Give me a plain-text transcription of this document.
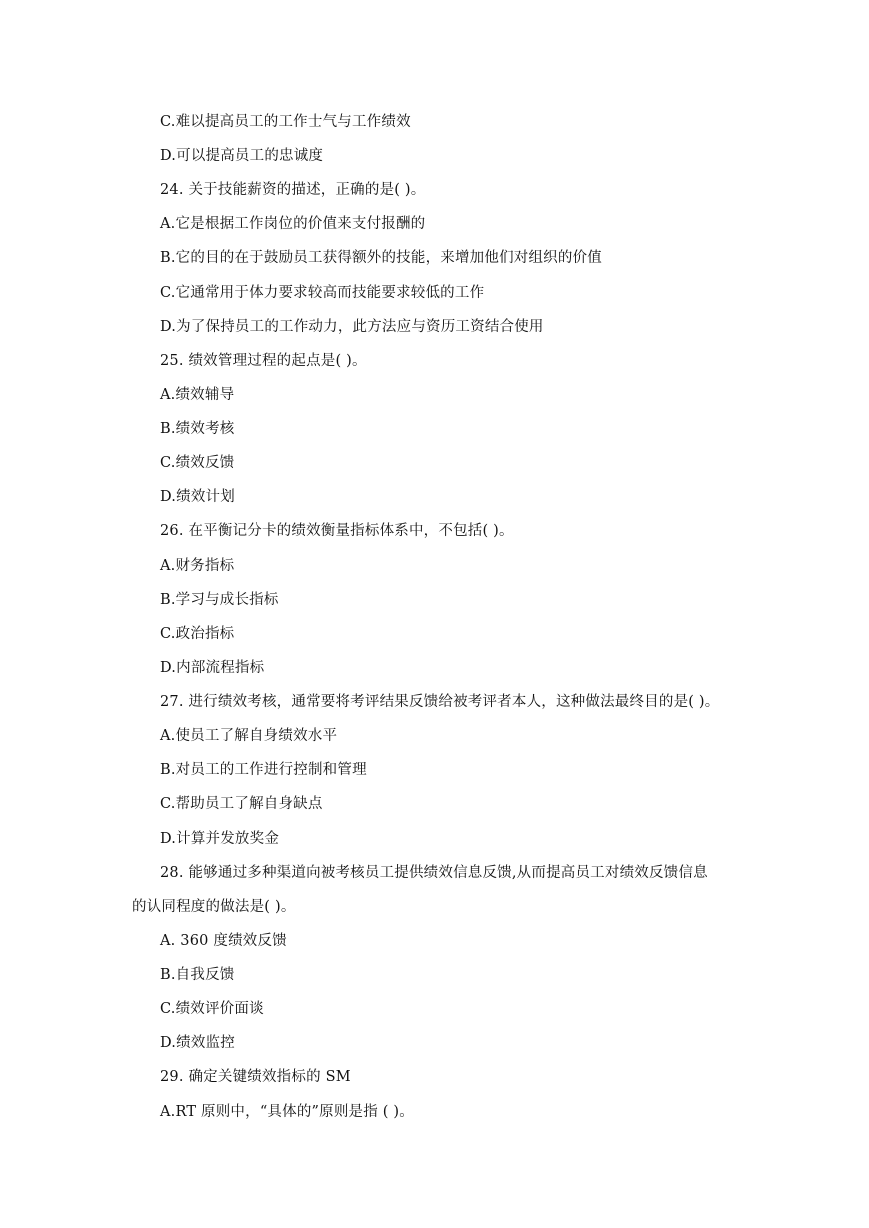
C.难以提高员工的工作士气与工作绩效
D.可以提高员工的忠诚度
24. 关于技能薪资的描述，正确的是( )。
A.它是根据工作岗位的价值来支付报酬的
B.它的目的在于鼓励员工获得额外的技能，来增加他们对组织的价值
C.它通常用于体力要求较高而技能要求较低的工作
D.为了保持员工的工作动力，此方法应与资历工资结合使用
25. 绩效管理过程的起点是( )。
A.绩效辅导
B.绩效考核
C.绩效反馈
D.绩效计划
26. 在平衡记分卡的绩效衡量指标体系中，不包括( )。
A.财务指标
B.学习与成长指标
C.政治指标
D.内部流程指标
27. 进行绩效考核，通常要将考评结果反馈给被考评者本人，这种做法最终目的是( )。
A.使员工了解自身绩效水平
B.对员工的工作进行控制和管理
C.帮助员工了解自身缺点
D.计算并发放奖金
28. 能够通过多种渠道向被考核员工提供绩效信息反馈,从而提高员工对绩效反馈信息
的认同程度的做法是( )。
A. 360 度绩效反馈
B.自我反馈
C.绩效评价面谈
D.绩效监控
29. 确定关键绩效指标的 SM
A.RT 原则中，“具体的”原则是指 ( )。
